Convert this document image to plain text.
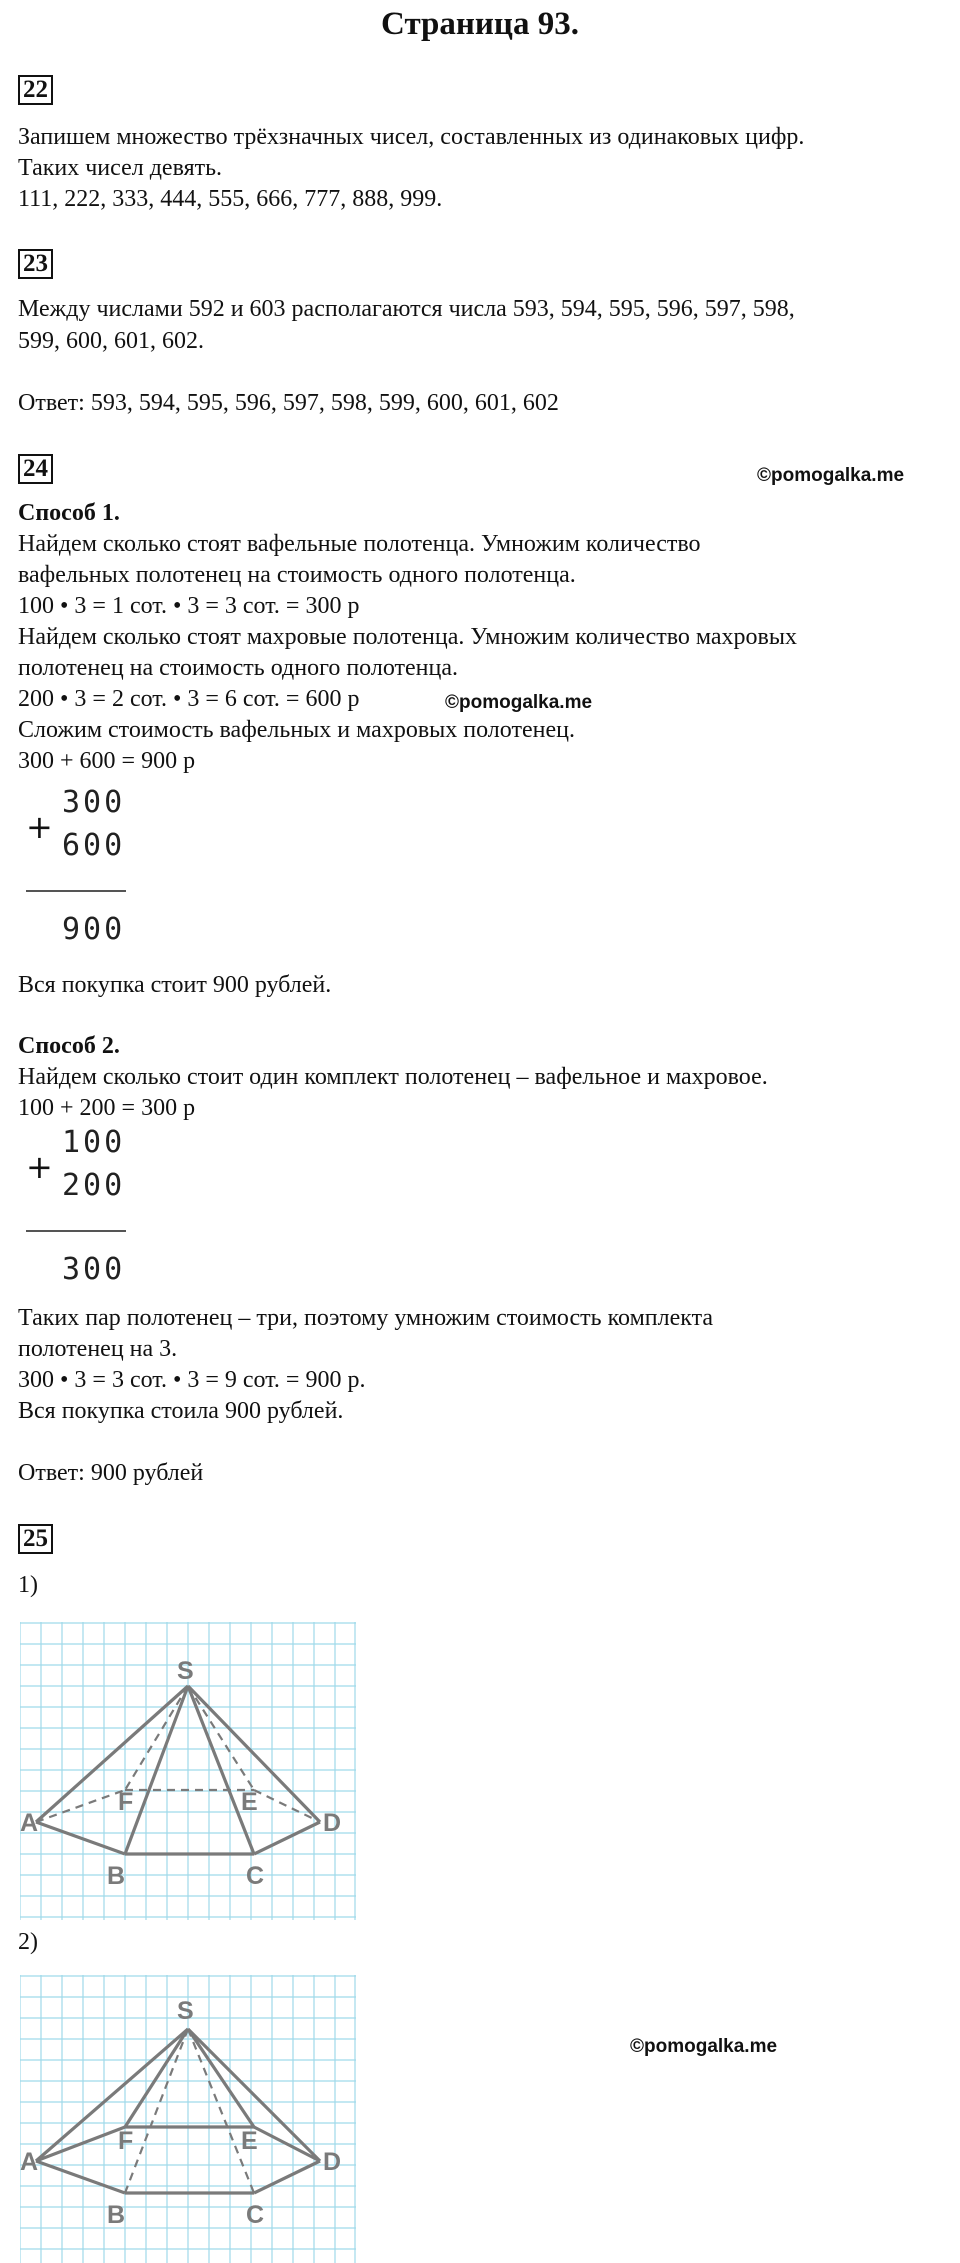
Страница 93.
22
Запишем множество трёхзначных чисел, составленных из одинаковых цифр.
Таких чисел девять.
111, 222, 333, 444, 555, 666, 777, 888, 999.
23
Между числами 592 и 603 располагаются числа 593, 594, 595, 596, 597, 598,
599, 600, 601, 602.
Ответ: 593, 594, 595, 596, 597, 598, 599, 600, 601, 602
24	©pomogalka.me
Способ 1.
Найдем сколько стоят вафельные полотенца. Умножим количество
вафельных полотенец на стоимость одного полотенца.
100 • 3 = 1 сот. • 3 = 3 сот. = 300 р
Найдем сколько стоят махровые полотенца. Умножим количество махровых
полотенец на стоимость одного полотенца.
200 • 3 = 2 сот. • 3 = 6 сот. = 600 р	©pomogalka.me
Сложим стоимость вафельных и махровых полотенец.
300 + 600 = 900 р
+
300
600
900
Вся покупка стоит 900 рублей.
Способ 2.
Найдем сколько стоит один комплект полотенец – вафельное и махровое.
100 + 200 = 300 р
+
100
200
300
Таких пар полотенец – три, поэтому умножим стоимость комплекта
полотенец на 3.
300 • 3 = 3 сот. • 3 = 9 сот. = 900 р.
Вся покупка стоила 900 рублей.
Ответ: 900 рублей
25
1)
S
A
F	E
D
B	C
2)
©pomogalka.me
S
A
F	E
D
B	C
